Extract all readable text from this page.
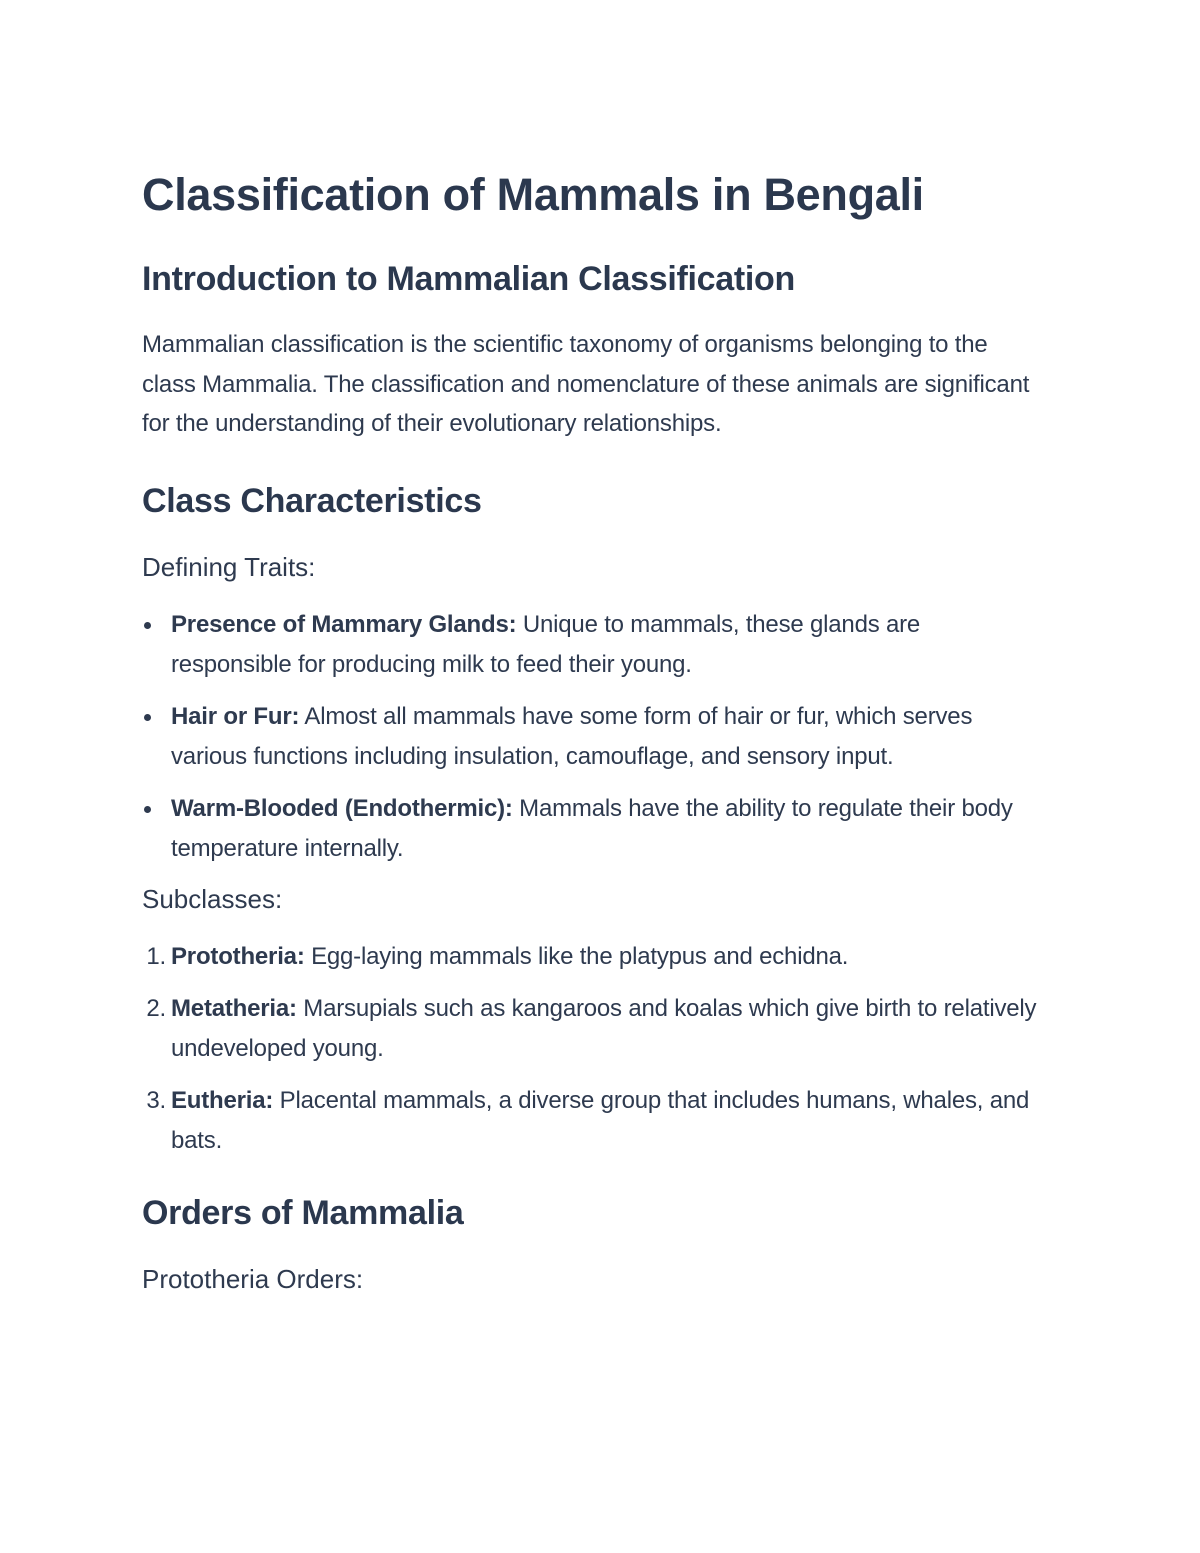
Classification of Mammals in Bengali
Introduction to Mammalian Classification

Mammalian classification is the scientific taxonomy of organisms belonging to the class Mammalia. The classification and nomenclature of these animals are significant for the understanding of their evolutionary relationships.

Class Characteristics
Defining Traits:
Presence of Mammary Glands: Unique to mammals, these glands are responsible for producing milk to feed their young.
Hair or Fur: Almost all mammals have some form of hair or fur, which serves various functions including insulation, camouflage, and sensory input.
Warm-Blooded (Endothermic): Mammals have the ability to regulate their body temperature internally.
Subclasses:
1. Prototheria: Egg-laying mammals like the platypus and echidna.
2. Metatheria: Marsupials such as kangaroos and koalas which give birth to relatively undeveloped young.
3. Eutheria: Placental mammals, a diverse group that includes humans, whales, and bats.
Orders of Mammalia
Prototheria Orders:
